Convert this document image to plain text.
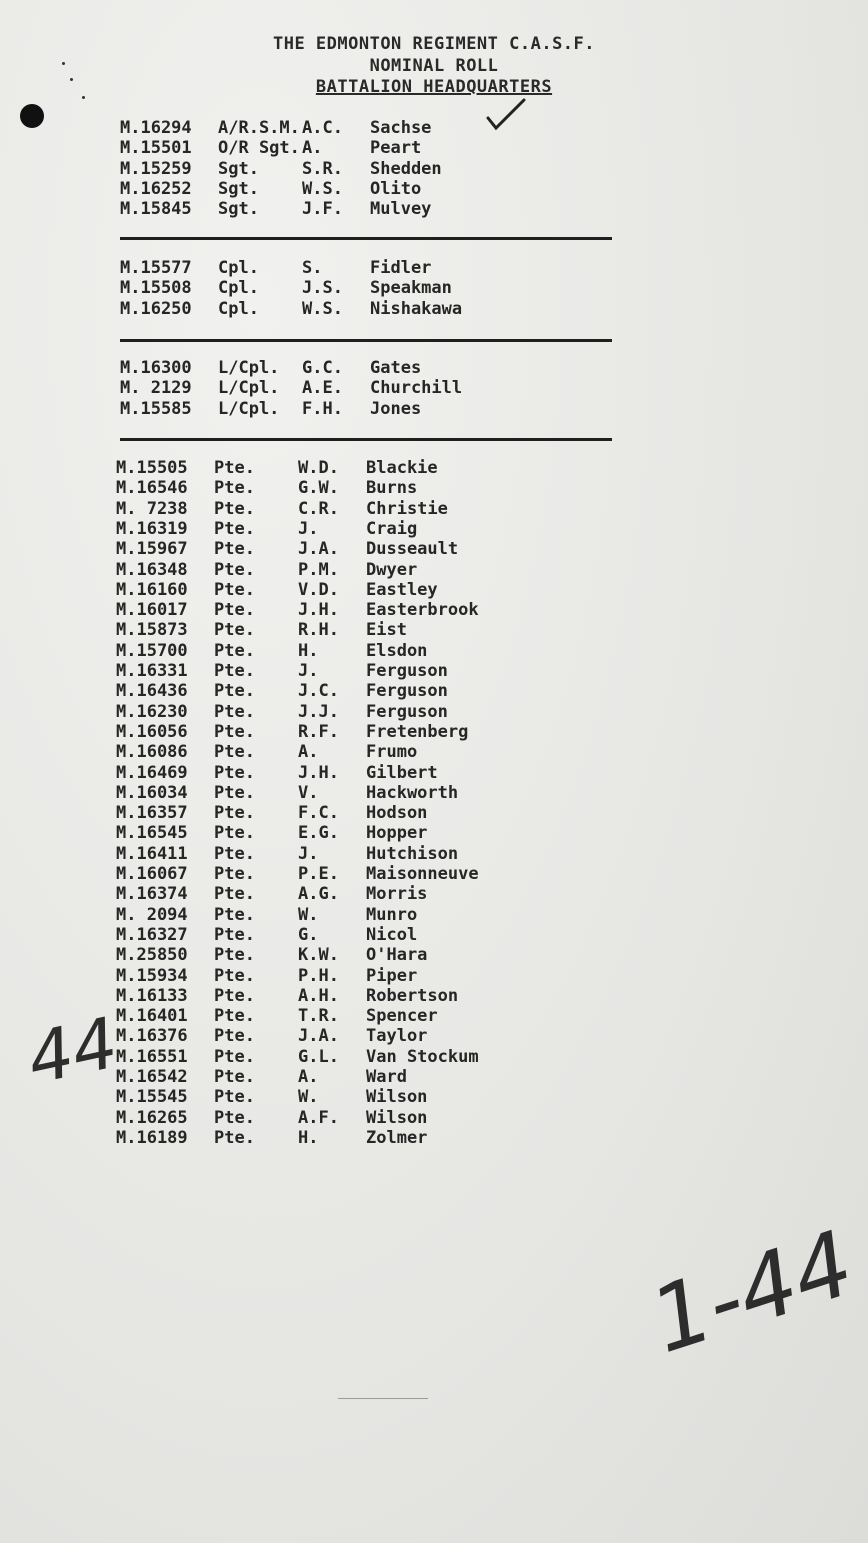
THE EDMONTON REGIMENT C.A.S.F.
NOMINAL ROLL
BATTALION HEADQUARTERS
M.16294 A/R.S.M. A.C. Sachse
M.15501 O/R Sgt. A.	Peart
M.15259 Sgt.	S.R. Shedden
M.16252 Sgt.	W.S. Olito
M.15845 Sgt.	J.F. Mulvey
M.15577 Cpl.	S.	Fidler
M.15508 Cpl.	J.S. Speakman
M.16250 Cpl.	W.S. Nishakawa
M.16300 L/Cpl. G.C. Gates
M. 2129 L/Cpl. A.E. Churchill
M.15585 L/Cpl. F.H. Jones
M.15505 Pte.	W.D. Blackie
M.16546 Pte.	G.W. Burns
M. 7238 Pte.	C.R. Christie
M.16319 Pte.	J.	Craig
M.15967 Pte.	J.A. Dusseault
M.16348 Pte.	P.M. Dwyer
M.16160 Pte.	V.D. Eastley
M.16017 Pte.	J.H. Easterbrook
M.15873 Pte.	R.H. Eist
M.15700 Pte.	H.	Elsdon
M.16331 Pte.	J.	Ferguson
M.16436 Pte.	J.C. Ferguson
M.16230 Pte.	J.J. Ferguson
M.16056 Pte.	R.F. Fretenberg
M.16086 Pte.	A.	Frumo
M.16469 Pte.	J.H. Gilbert
M.16034 Pte.	V.	Hackworth
M.16357 Pte.	F.C. Hodson
M.16545 Pte.	E.G. Hopper
M.16411 Pte.	J.	Hutchison
M.16067 Pte.	P.E. Maisonneuve
M.16374 Pte.	A.G. Morris
M. 2094 Pte.	W.	Munro
M.16327 Pte.	G.	Nicol
M.25850 Pte.	K.W. O'Hara
M.15934 Pte.	P.H. Piper
M.16133 Pte.	A.H. Robertson
M.16401 Pte.	T.R. Spencer
M.16376 Pte.	J.A. Taylor
M.16551 Pte.	G.L. Van Stockum
M.16542 Pte.	A.	Ward
M.15545 Pte.	W.	Wilson
M.16265 Pte.	A.F. Wilson
M.16189 Pte.	H.	Zolmer
44
1-44
